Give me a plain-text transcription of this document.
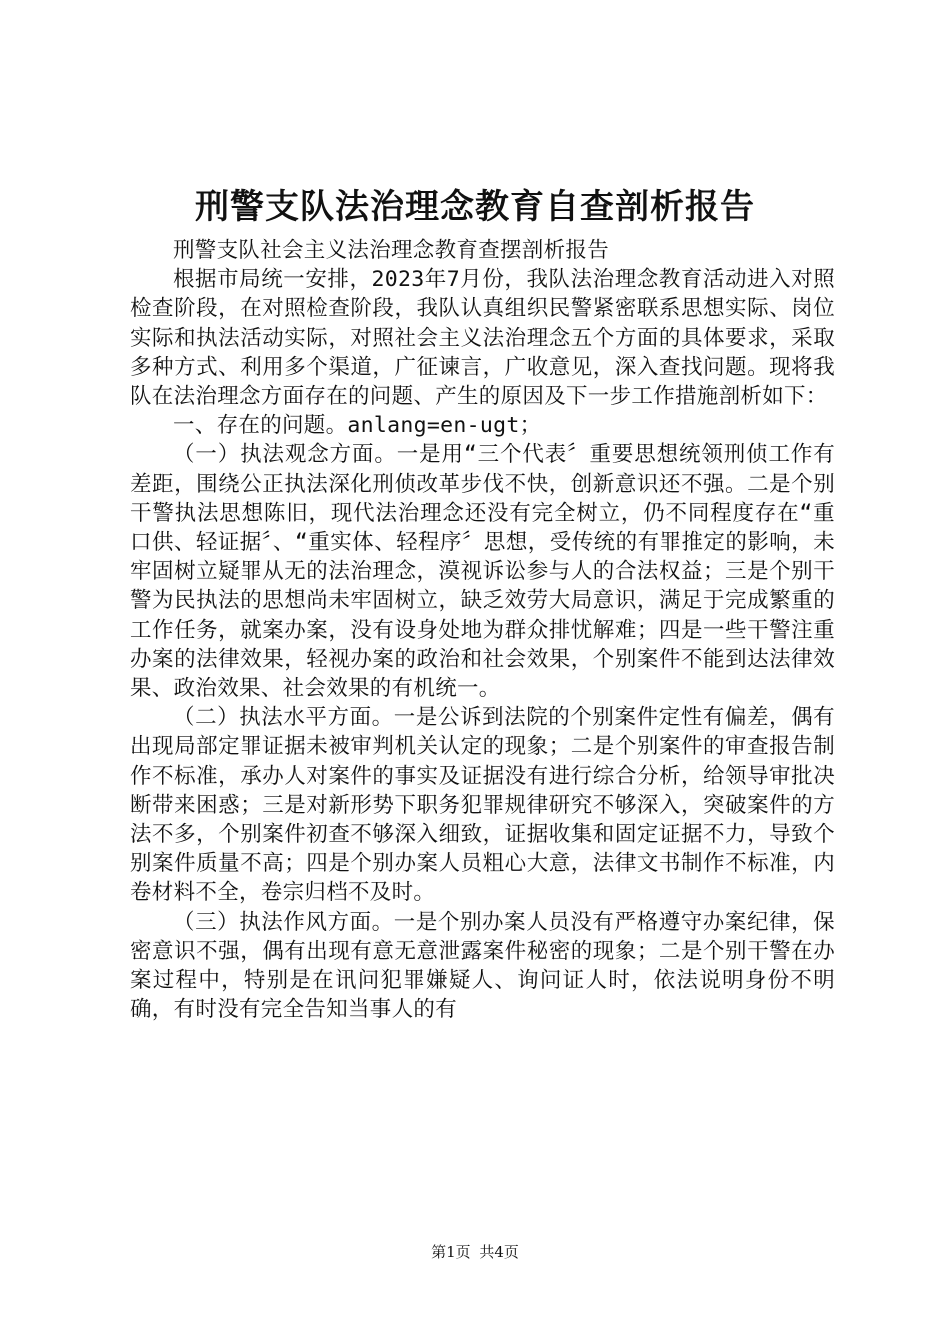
刑警支队法治理念教育自查剖析报告

刑警支队社会主义法治理念教育查摆剖析报告

根据市局统一安排，2023年7月份，我队法治理念教育活动进入对照检查阶段，在对照检查阶段，我队认真组织民警紧密联系思想实际、岗位实际和执法活动实际，对照社会主义法治理念五个方面的具体要求，采取多种方式、利用多个渠道，广征谏言，广收意见，深入查找问题。现将我队在法治理念方面存在的问题、产生的原因及下一步工作措施剖析如下：

一、存在的问题。anlang=en-ugt；

（一）执法观念方面。一是用“三个代表〞重要思想统领刑侦工作有差距，围绕公正执法深化刑侦改革步伐不快，创新意识还不强。二是个别干警执法思想陈旧，现代法治理念还没有完全树立，仍不同程度存在“重口供、轻证据〞、“重实体、轻程序〞思想，受传统的有罪推定的影响，未牢固树立疑罪从无的法治理念，漠视诉讼参与人的合法权益；三是个别干警为民执法的思想尚未牢固树立，缺乏效劳大局意识，满足于完成繁重的工作任务，就案办案，没有设身处地为群众排忧解难；四是一些干警注重办案的法律效果，轻视办案的政治和社会效果，个别案件不能到达法律效果、政治效果、社会效果的有机统一。

（二）执法水平方面。一是公诉到法院的个别案件定性有偏差，偶有出现局部定罪证据未被审判机关认定的现象；二是个别案件的审查报告制作不标准，承办人对案件的事实及证据没有进行综合分析，给领导审批决断带来困惑；三是对新形势下职务犯罪规律研究不够深入，突破案件的方法不多，个别案件初查不够深入细致，证据收集和固定证据不力，导致个别案件质量不高；四是个别办案人员粗心大意，法律文书制作不标准，内卷材料不全，卷宗归档不及时。

（三）执法作风方面。一是个别办案人员没有严格遵守办案纪律，保密意识不强，偶有出现有意无意泄露案件秘密的现象；二是个别干警在办案过程中，特别是在讯问犯罪嫌疑人、询问证人时，依法说明身份不明确，有时没有完全告知当事人的有

第1页 共4页
